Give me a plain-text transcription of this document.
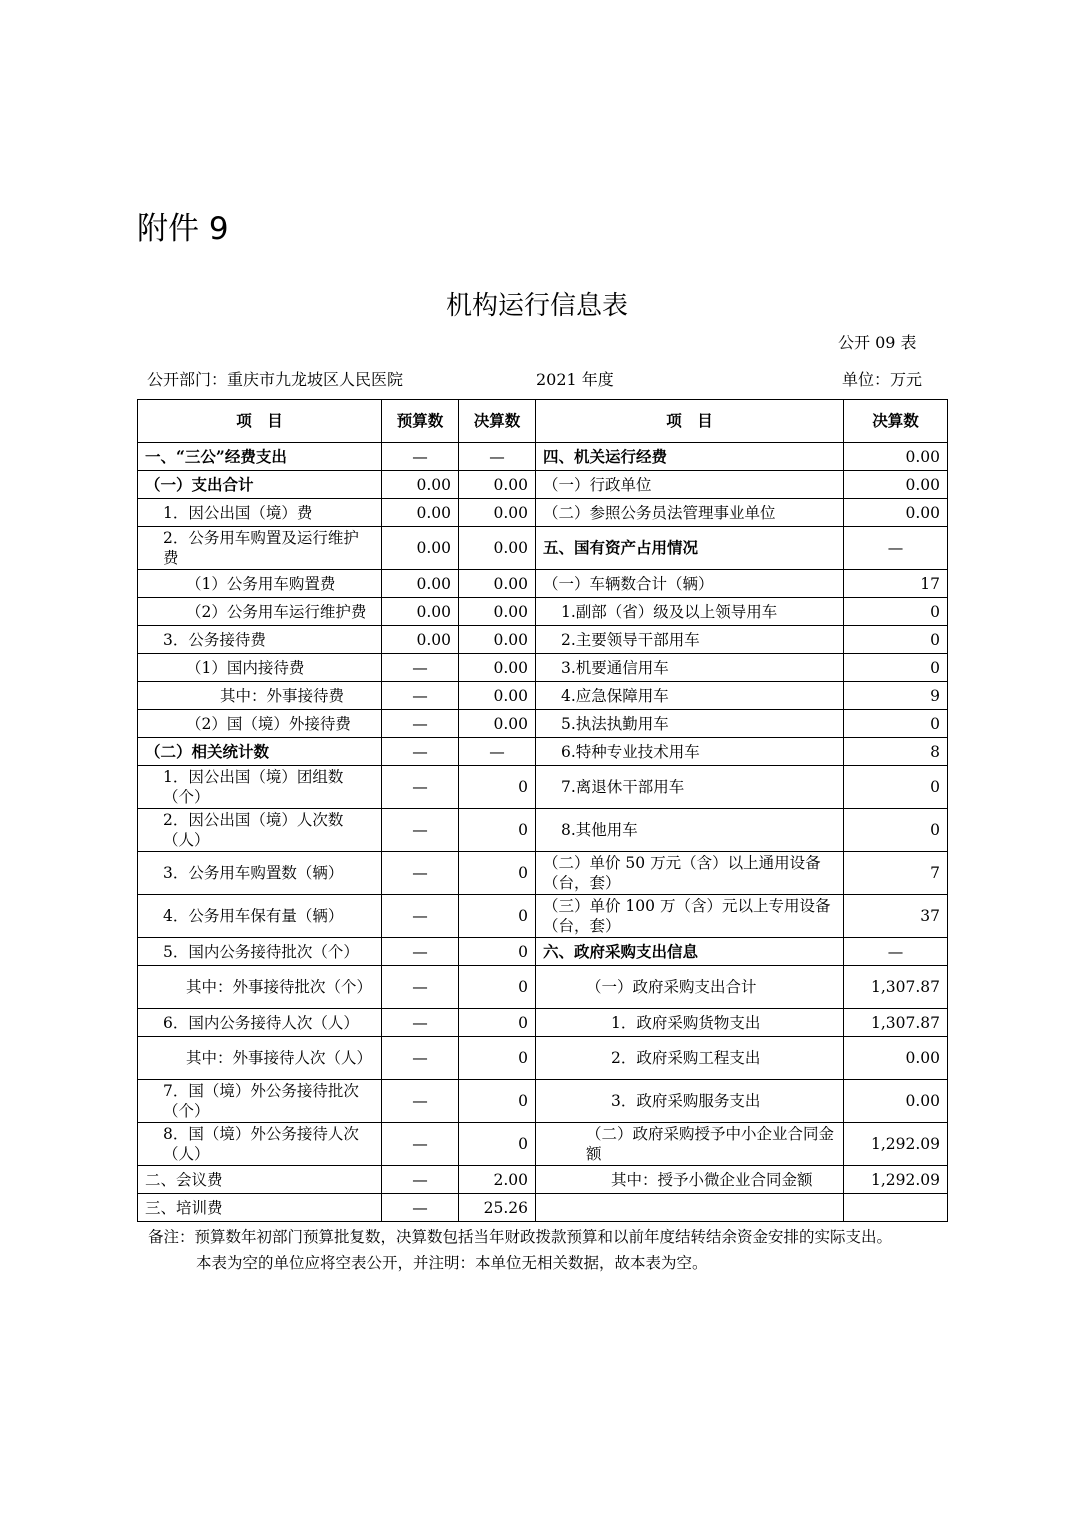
附件 9
机构运行信息表
公开 09 表
公开部门：重庆市九龙坡区人民医院	2021 年度	单位：万元
项　目	预算数	决算数	项　目	决算数
一、“三公”经费支出	—	—	四、机关运行经费	0.00
（一）支出合计	0.00	0.00	（一）行政单位	0.00
1．因公出国（境）费	0.00	0.00	（二）参照公务员法管理事业单位	0.00
2．公务用车购置及运行维护费	0.00	0.00	五、国有资产占用情况	—
（1）公务用车购置费	0.00	0.00	（一）车辆数合计（辆）	17
（2）公务用车运行维护费	0.00	0.00	1.副部（省）级及以上领导用车	0
3．公务接待费	0.00	0.00	2.主要领导干部用车	0
（1）国内接待费	—	0.00	3.机要通信用车	0
其中：外事接待费	—	0.00	4.应急保障用车	9
（2）国（境）外接待费	—	0.00	5.执法执勤用车	0
（二）相关统计数	—	—	6.特种专业技术用车	8
1．因公出国（境）团组数（个）	—	0	7.离退休干部用车	0
2．因公出国（境）人次数（人）	—	0	8.其他用车	0
3．公务用车购置数（辆）	—	0	（二）单价 50 万元（含）以上通用设备（台，套）	7
4．公务用车保有量（辆）	—	0	（三）单价 100 万（含）元以上专用设备（台，套）	37
5．国内公务接待批次（个）	—	0	六、政府采购支出信息	—
其中：外事接待批次（个）	—	0	（一）政府采购支出合计	1,307.87
6．国内公务接待人次（人）	—	0	1．政府采购货物支出	1,307.87
其中：外事接待人次（人）	—	0	2．政府采购工程支出	0.00
7．国（境）外公务接待批次（个）	—	0	3．政府采购服务支出	0.00
8．国（境）外公务接待人次（人）	—	0	（二）政府采购授予中小企业合同金额	1,292.09
二、会议费	—	2.00	其中：授予小微企业合同金额	1,292.09
三、培训费	—	25.26		
备注：预算数年初部门预算批复数，决算数包括当年财政拨款预算和以前年度结转结余资金安排的实际支出。
本表为空的单位应将空表公开，并注明：本单位无相关数据，故本表为空。
